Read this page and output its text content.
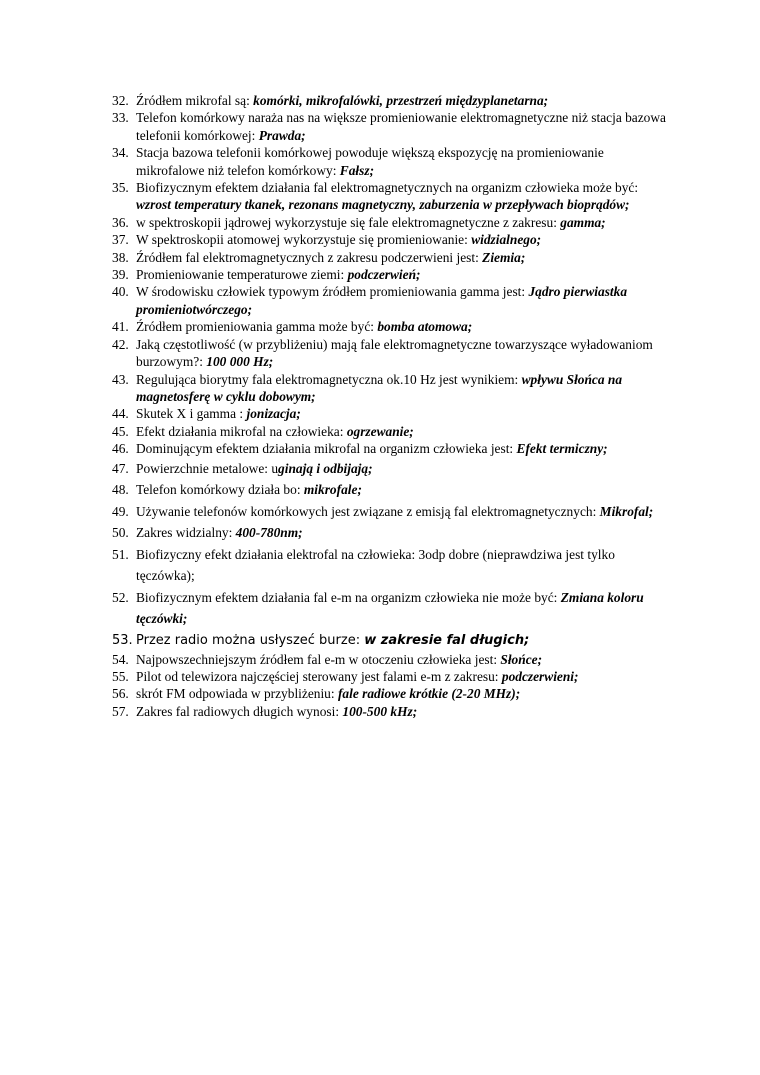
32. Źródłem mikrofal są: komórki, mikrofalówki, przestrzeń międzyplanetarna;
33. Telefon komórkowy naraża nas na większe promieniowanie elektromagnetyczne niż stacja bazowa telefonii komórkowej: Prawda;
34. Stacja bazowa telefonii komórkowej powoduje większą ekspozycję na promieniowanie mikrofalowe niż telefon komórkowy: Fałsz;
35. Biofizycznym efektem działania fal elektromagnetycznych na organizm człowieka może być: wzrost temperatury tkanek, rezonans magnetyczny, zaburzenia w przepływach bioprądów;
36. w spektroskopii jądrowej wykorzystuje się fale elektromagnetyczne z zakresu: gamma;
37. W spektroskopii atomowej wykorzystuje się promieniowanie: widzialnego;
38. Źródłem fal elektromagnetycznych z zakresu podczerwieni jest: Ziemia;
39. Promieniowanie temperaturowe ziemi: podczerwień;
40. W środowisku człowiek typowym źródłem promieniowania gamma jest: Jądro pierwiastka promieniotwórczego;
41. Źródłem promieniowania gamma może być: bomba atomowa;
42. Jaką częstotliwość (w przybliżeniu) mają fale elektromagnetyczne towarzyszące wyładowaniom burzowym?: 100 000 Hz;
43. Regulująca biorytmy fala elektromagnetyczna ok.10 Hz jest wynikiem: wpływu Słońca na magnetosferę w cyklu dobowym;
44. Skutek X i gamma : jonizacja;
45. Efekt działania mikrofal na człowieka: ogrzewanie;
46. Dominującym efektem działania mikrofal na organizm człowieka jest: Efekt termiczny;
47. Powierzchnie metalowe: uginają i odbijają;
48. Telefon komórkowy działa bo: mikrofale;
49. Używanie telefonów komórkowych jest związane z emisją fal elektromagnetycznych: Mikrofal;
50. Zakres widzialny: 400-780nm;
51. Biofizyczny efekt działania elektrofal na człowieka: 3odp dobre (nieprawdziwa jest tylko tęczówka);
52. Biofizycznym efektem działania fal e-m na organizm człowieka nie może być: Zmiana koloru tęczówki;
53. Przez radio można usłyszeć burze: w zakresie fal długich;
54. Najpowszechniejszym źródłem fal e-m w otoczeniu człowieka jest: Słońce;
55. Pilot od telewizora najczęściej sterowany jest falami e-m z zakresu: podczerwieni;
56. skrót FM odpowiada w przybliżeniu: fale radiowe krótkie (2-20 MHz);
57. Zakres fal radiowych długich wynosi: 100-500 kHz;
